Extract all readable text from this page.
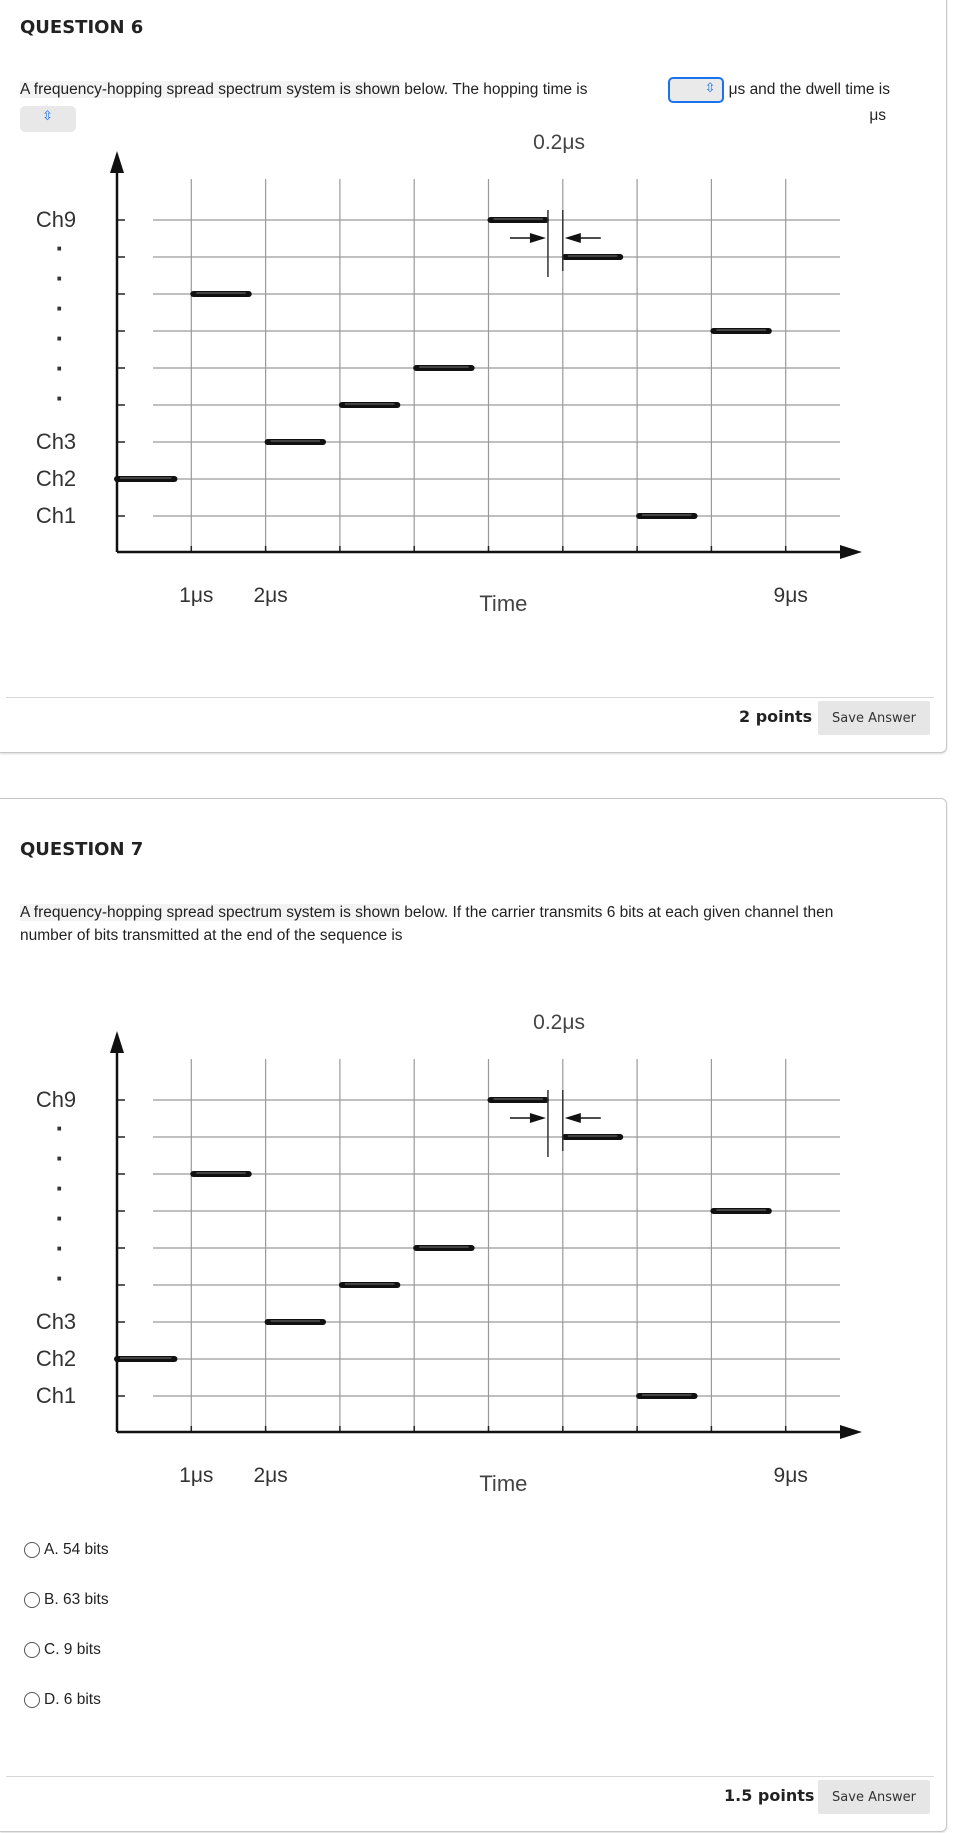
QUESTION 6
A frequency-hopping spread spectrum system is shown below. The hopping time is	⇳ μs and the dwell time is
⇳	μs
Ch9
·
·
·
·
·
·
Ch3
Ch2
Ch1
0.2μs
1μs 2μs	9μs
Time
2 points	Save Answer
QUESTION 7
A frequency-hopping spread spectrum system is shown below. If the carrier transmits 6 bits at each given channel then number of bits transmitted at the end of the sequence is
Ch9
·
·
·
·
·
·
Ch3
Ch2
Ch1
0.2μs
1μs 2μs	9μs
Time
A. 54 bits
B. 63 bits
C. 9 bits
D. 6 bits
1.5 points	Save Answer
